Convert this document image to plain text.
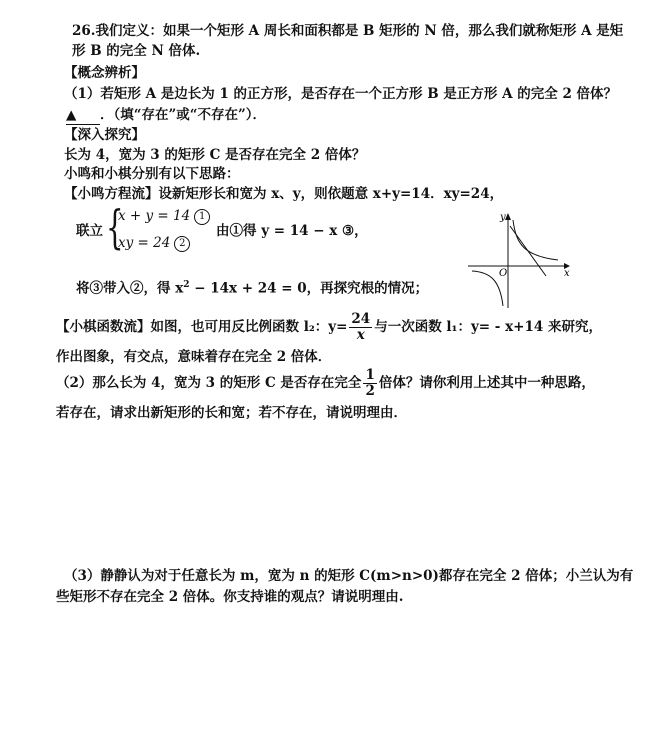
26.我们定义：如果一个矩形 A 周长和面积都是 B 矩形的 N 倍，那么我们就称矩形 A 是矩
形 B 的完全 N 倍体.
【概念辨析】
（1）若矩形 A 是边长为 1 的正方形，是否存在一个正方形 B 是正方形 A 的完全 2 倍体？
▲ ．（填“存在”或“不存在”）．
【深入探究】
长为 4，宽为 3 的矩形 C 是否存在完全 2 倍体？
小鸣和小棋分别有以下思路：
【小鸣方程流】设新矩形长和宽为 x、y，则依题意 x+y=14．xy=24，
联立 {
x + y = 14 1
xy = 24 2
由①得 y = 14 − x ③，
将③带入②，得 $x^2 - 14x + 24 = 0$，再探究根的情况；
y
x
O
【小棋函数流】如图，也可用反比例函数 l₂：$y= \frac{24}{x}$ 与一次函数 l₁：y= - x+14 来研究，
作出图象，有交点，意味着存在完全 2 倍体．
（2）那么长为 4，宽为 3 的矩形 C 是否存在完全 $\frac{1}{2}$ 倍体？请你利用上述其中一种思路，
若存在，请求出新矩形的长和宽；若不存在，请说明理由．
（3）静静认为对于任意长为 m，宽为 n 的矩形 C(m>n>0)都存在完全 2 倍体；小兰认为有
些矩形不存在完全 2 倍体。你支持谁的观点？请说明理由.
